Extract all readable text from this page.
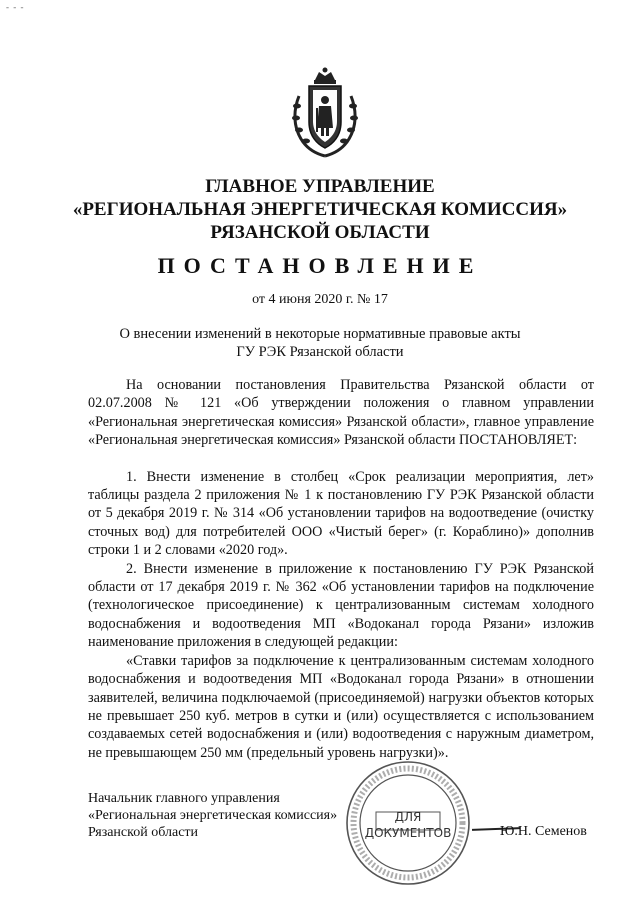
- - -
ГЛАВНОЕ УПРАВЛЕНИЕ
«РЕГИОНАЛЬНАЯ ЭНЕРГЕТИЧЕСКАЯ КОМИССИЯ»
РЯЗАНСКОЙ ОБЛАСТИ
ПОСТАНОВЛЕНИЕ
от 4 июня 2020 г. № 17
О внесении изменений в некоторые нормативные правовые акты
ГУ РЭК Рязанской области

На основании постановления Правительства Рязанской области от 02.07.2008 № 121 «Об утверждении положения о главном управлении «Региональная энергетическая комиссия» Рязанской области», главное управление «Региональная энергетическая комиссия» Рязанской области ПОСТАНОВЛЯЕТ:

1. Внести изменение в столбец «Срок реализации мероприятия, лет» таблицы раздела 2 приложения № 1 к постановлению ГУ РЭК Рязанской области от 5 декабря 2019 г. № 314 «Об установлении тарифов на водоотведение (очистку сточных вод) для потребителей ООО «Чистый берег» (г. Кораблино)» дополнив строки 1 и 2 словами «2020 год».

2. Внести изменение в приложение к постановлению ГУ РЭК Рязанской области от 17 декабря 2019 г. № 362 «Об установлении тарифов на подключение (технологическое присоединение) к централизованным системам холодного водоснабжения и водоотведения МП «Водоканал города Рязани» изложив наименование приложения в следующей редакции:

«Ставки тарифов за подключение к централизованным системам холодного водоснабжения и водоотведения МП «Водоканал города Рязани» в отношении заявителей, величина подключаемой (присоединяемой) нагрузки объектов которых не превышает 250 куб. метров в сутки и (или) осуществляется с использованием создаваемых сетей водоснабжения и (или) водоотведения с наружным диаметром, не превышающем 250 мм (предельный уровень нагрузки)».

Начальник главного управления
«Региональная энергетическая комиссия»
Рязанской области
ДЛЯ
ДОКУМЕНТОВ	Ю.Н. Семенов
